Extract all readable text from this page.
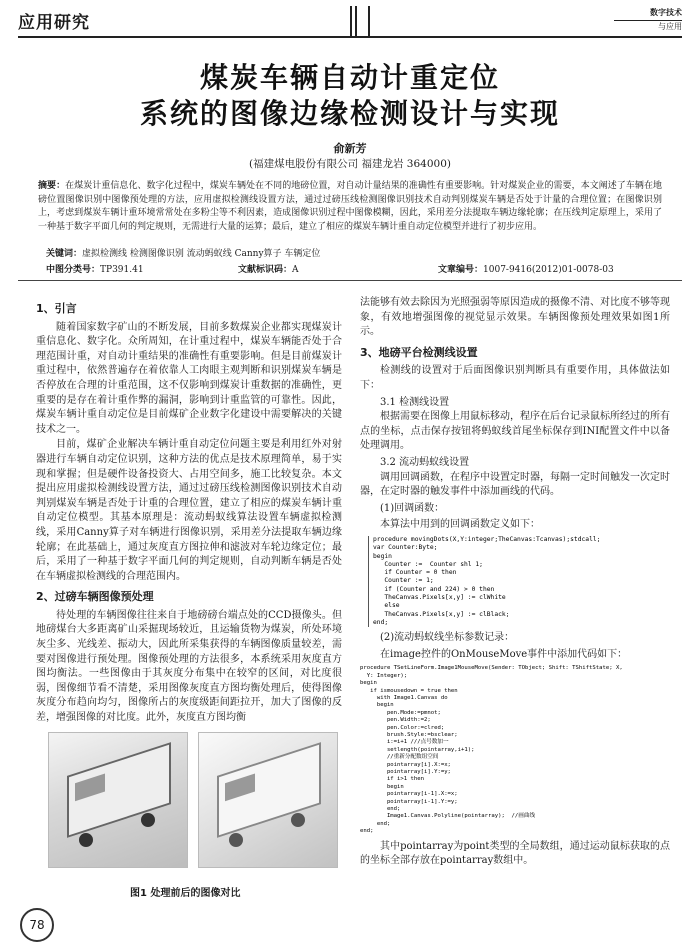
应用研究
数字技术
与应用
煤炭车辆自动计重定位
系统的图像边缘检测设计与实现
俞新芳
(福建煤电股份有限公司 福建龙岩 364000)
摘要：在煤炭计重信息化、数字化过程中，煤炭车辆处在不同的地磅位置，对自动计量结果的准确性有重要影响。针对煤炭企业的需要，本文阐述了车辆在地磅位置图像识别中图像预处理的方法，应用虚拟检测线设置方法，通过过磅压线检测图像识别技术自动判别煤炭车辆是否处于计量的合理位置；在图像识别上，考虑到煤炭车辆计重环境常常处在多粉尘等不利因素，造成图像识别过程中图像模糊，因此，采用差分法提取车辆边缘轮廓；在压线判定原理上，采用了一种基于数字平面几何的判定规则，无需进行大量的运算；最后，建立了相应的煤炭车辆计重自动定位模型并进行了初步应用。
关键词：虚拟检测线 检测图像识别 流动蚂蚁线 Canny算子 车辆定位
中图分类号：TP391.41	文献标识码：A	文章编号：1007-9416(2012)01-0078-03
1、引言
随着国家数字矿山的不断发展，目前多数煤炭企业都实现煤炭计重信息化、数字化。众所周知，在计重过程中，煤炭车辆能否处于合理范围计重，对自动计重结果的准确性有重要影响。但是目前煤炭计重过程中，依然普遍存在着依靠人工肉眼主观判断和识别煤炭车辆是否停放在合理的计重范围，这不仅影响到煤炭计重数据的准确性，更重要的是存在着计重作弊的漏洞，影响到计重监管的可靠性。因此，煤炭车辆计重自动定位是目前煤矿企业数字化建设中需要解决的关键技术之一。
目前，煤矿企业解决车辆计重自动定位问题主要是利用红外对射器进行车辆自动定位识别，这种方法的优点是技术原理简单，易于实现和掌握；但是硬件设备投资大、占用空间多，施工比较复杂。本文提出应用虚拟检测线设置方法，通过过磅压线检测图像识别技术自动判别煤炭车辆是否处于计重的合理位置，建立了相应的煤炭车辆计重自动定位模型。其基本原理是：流动蚂蚁线算法设置车辆虚拟检测线，采用Canny算子对车辆进行图像识别，采用差分法提取车辆边缘轮廓；在此基础上，通过灰度直方图拉伸和滤波对车轮边缘定位；最后，采用了一种基于数字平面几何的判定规则，自动判断车辆是否处在车辆虚拟检测线的合理范围内。
2、过磅车辆图像预处理
待处理的车辆图像往往来自于地磅磅台端点处的CCD摄像头。但地磅煤台大多距离矿山采掘现场较近，且运输货物为煤炭，所处环境灰尘多、光线差、振动大，因此所采集获得的车辆图像质量较差，需要对图像进行预处理。图像预处理的方法很多，本系统采用灰度直方图均衡法。一些图像由于其灰度分布集中在较窄的区间，对比度很弱，图像细节看不清楚，采用图像灰度直方图均衡处理后，使得图像灰度分布趋向均匀，图像所占的灰度级距间距拉开，加大了图像的反差，增强图像的对比度。此外，灰度直方图均衡
法能够有效去除因为光照强弱等原因造成的摄像不清、对比度不够等现象，有效地增强图像的视觉显示效果。车辆图像预处理效果如图1所示。
3、地磅平台检测线设置
检测线的设置对于后面图像识别判断具有重要作用，具体做法如下：
3.1 检测线设置
根据需要在图像上用鼠标移动，程序在后台记录鼠标所经过的所有点的坐标，点击保存按钮将蚂蚁线首尾坐标保存到INI配置文件中以备处理调用。
3.2 流动蚂蚁线设置
调用回调函数，在程序中设置定时器，每隔一定时间触发一次定时器，在定时器的触发事件中添加画线的代码。
(1)回调函数：
本算法中用到的回调函数定义如下：
procedure movingDots(X,Y:integer;TheCanvas:Tcanvas);stdcall;
var Counter:Byte;
begin
Counter :=  Counter shl 1;
if Counter = 0 then
Counter := 1;
if (Counter and 224) > 0 then
TheCanvas.Pixels[x,y] := clWhite
else
TheCanvas.Pixels[x,y] := clBlack;
end;
(2)流动蚂蚁线坐标参数记录：
在image控件的OnMouseMove事件中添加代码如下：
procedure TSetLineForm.Image1MouseMove(Sender: TObject; Shift: TShiftState; X,
Y: Integer);
begin
if ismousedown = true then
with Image1.Canvas do
begin
pen.Mode:=pmnot;
pen.Width:=2;
pen.Color:=clred;
brush.Style:=bsclear;
i:=i+1 ///点号数加一
setlength(pointarray,i+1);
//重新分配数组空间
pointarray[i].X:=x;
pointarray[i].Y:=y;
if i>1 then
begin
pointarray[i-1].X:=x;
pointarray[i-1].Y:=y;
end;
Image1.Canvas.Polyline(pointarray);  //画曲线
end;
end;
其中pointarray为point类型的全局数组，通过运动鼠标获取的点的坐标全部存放在pointarray数组中。
图1 处理前后的图像对比
78
